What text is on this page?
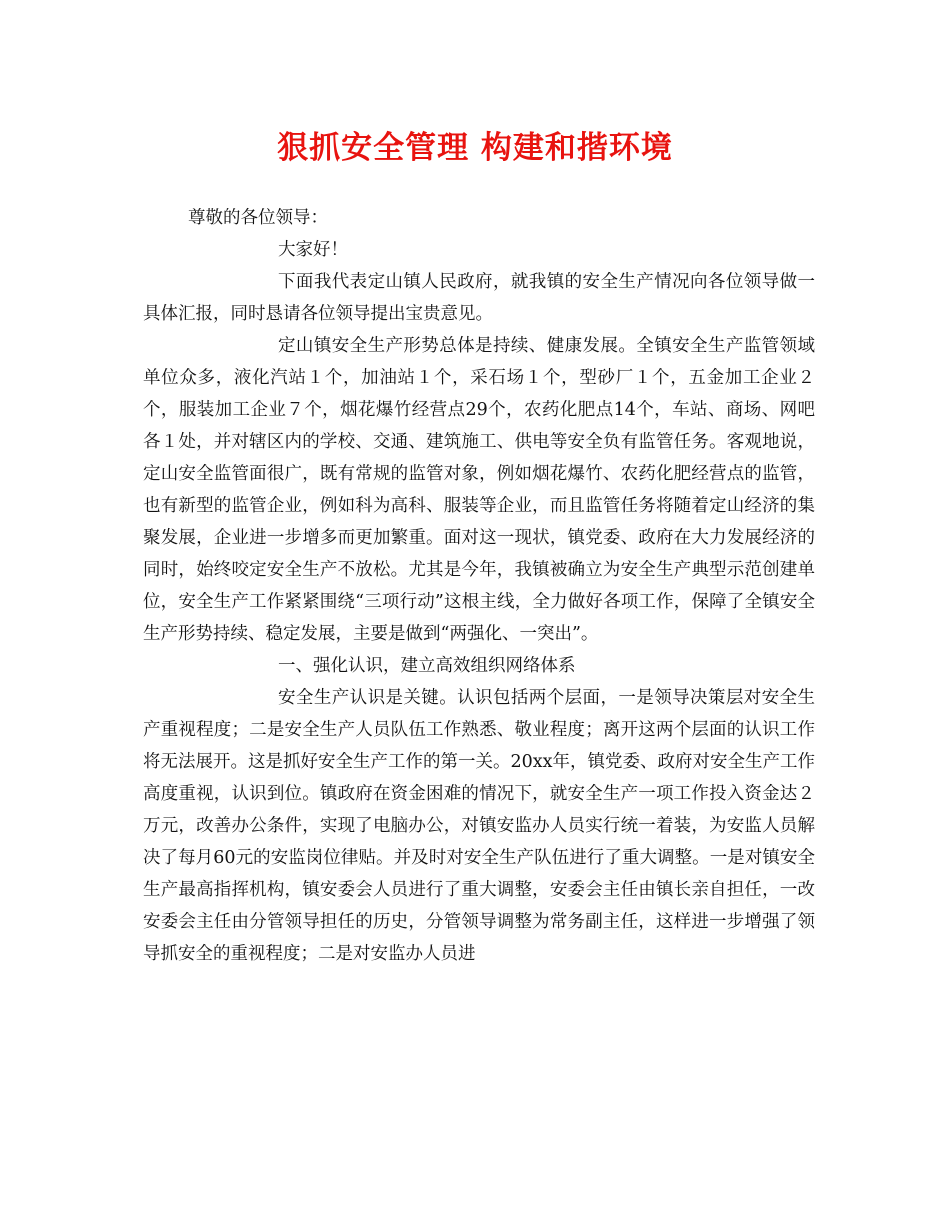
狠抓安全管理 构建和揩环境

尊敬的各位领导：

大家好！

下面我代表定山镇人民政府，就我镇的安全生产情况向各位领导做一具体汇报，同时恳请各位领导提出宝贵意见。

定山镇安全生产形势总体是持续、健康发展。全镇安全生产监管领域单位众多，液化汽站１个，加油站１个，采石场１个，型砂厂１个，五金加工企业２个，服装加工企业７个，烟花爆竹经营点29个，农药化肥点14个，车站、商场、网吧各１处，并对辖区内的学校、交通、建筑施工、供电等安全负有监管任务。客观地说，定山安全监管面很广，既有常规的监管对象，例如烟花爆竹、农药化肥经营点的监管，也有新型的监管企业，例如科为高科、服装等企业，而且监管任务将随着定山经济的集聚发展，企业进一步增多而更加繁重。面对这一现状，镇党委、政府在大力发展经济的同时，始终咬定安全生产不放松。尤其是今年，我镇被确立为安全生产典型示范创建单位，安全生产工作紧紧围绕“三项行动”这根主线，全力做好各项工作，保障了全镇安全生产形势持续、稳定发展，主要是做到“两强化、一突出”。

一、强化认识，建立高效组织网络体系

安全生产认识是关键。认识包括两个层面，一是领导决策层对安全生产重视程度；二是安全生产人员队伍工作熟悉、敬业程度；离开这两个层面的认识工作将无法展开。这是抓好安全生产工作的第一关。20xx年，镇党委、政府对安全生产工作高度重视，认识到位。镇政府在资金困难的情况下，就安全生产一项工作投入资金达２万元，改善办公条件，实现了电脑办公，对镇安监办人员实行统一着装，为安监人员解决了每月60元的安监岗位律贴。并及时对安全生产队伍进行了重大调整。一是对镇安全生产最高指挥机构，镇安委会人员进行了重大调整，安委会主任由镇长亲自担任，一改安委会主任由分管领导担任的历史，分管领导调整为常务副主任，这样进一步增强了领导抓安全的重视程度；二是对安监办人员进
